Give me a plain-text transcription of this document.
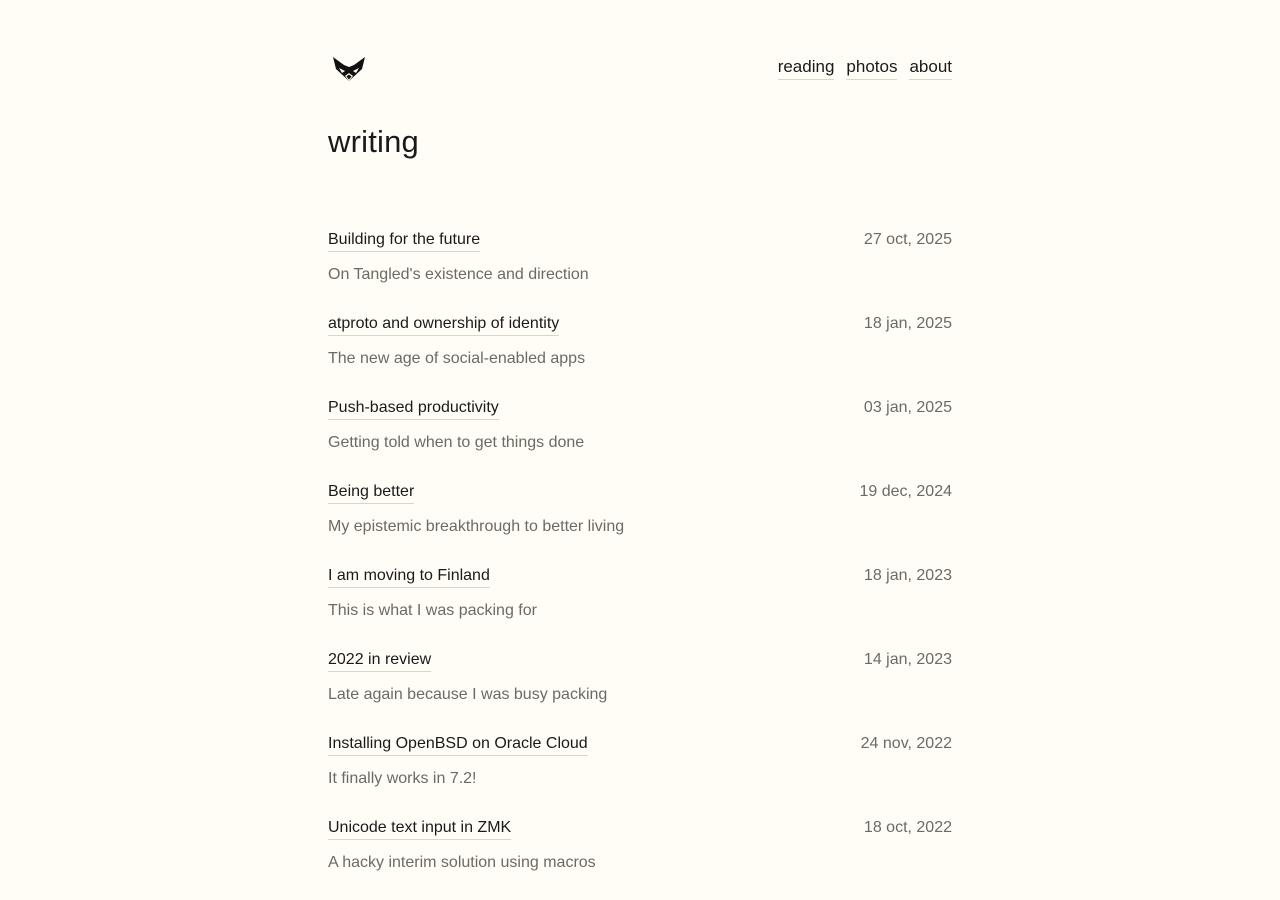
reading photos about
writing
Building for the future	27 oct, 2025
On Tangled's existence and direction
atproto and ownership of identity	18 jan, 2025
The new age of social-enabled apps
Push-based productivity	03 jan, 2025
Getting told when to get things done
Being better	19 dec, 2024
My epistemic breakthrough to better living
I am moving to Finland	18 jan, 2023
This is what I was packing for
2022 in review	14 jan, 2023
Late again because I was busy packing
Installing OpenBSD on Oracle Cloud	24 nov, 2022
It finally works in 7.2!
Unicode text input in ZMK	18 oct, 2022
A hacky interim solution using macros
